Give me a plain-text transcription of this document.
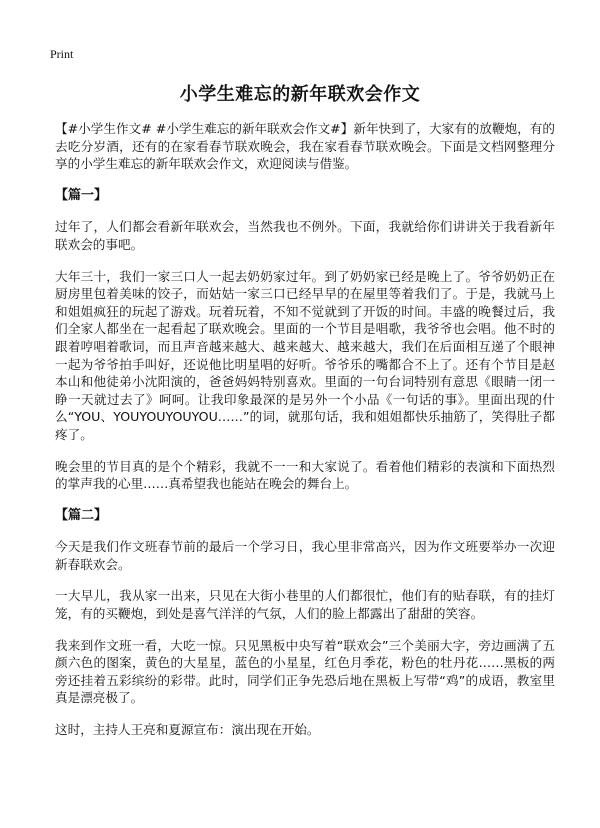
Print
小学生难忘的新年联欢会作文

【#小学生作文# #小学生难忘的新年联欢会作文#】新年快到了，大家有的放鞭炮，有的去吃分岁酒，还有的在家看春节联欢晚会，我在家看春节联欢晚会。下面是文档网整理分享的小学生难忘的新年联欢会作文，欢迎阅读与借鉴。

【篇一】

过年了，人们都会看新年联欢会，当然我也不例外。下面，我就给你们讲讲关于我看新年联欢会的事吧。

大年三十，我们一家三口人一起去奶奶家过年。到了奶奶家已经是晚上了。爷爷奶奶正在厨房里包着美味的饺子，而姑姑一家三口已经早早的在屋里等着我们了。于是，我就马上和姐姐疯狂的玩起了游戏。玩着玩着，不知不觉就到了开饭的时间。丰盛的晚餐过后，我们全家人都坐在一起看起了联欢晚会。里面的一个节目是唱歌，我爷爷也会唱。他不时的跟着哼唱着歌词，而且声音越来越大、越来越大、越来越大，我们在后面相互递了个眼神一起为爷爷拍手叫好，还说他比明星唱的好听。爷爷乐的嘴都合不上了。还有个节目是赵本山和他徒弟小沈阳演的，爸爸妈妈特别喜欢。里面的一句台词特别有意思《眼睛一闭一睁一天就过去了》呵呵。让我印象最深的是另外一个小品《一句话的事》。里面出现的什么“YOU、YOUYOUYOUYOU……”的词，就那句话，我和姐姐都快乐抽筋了，笑得肚子都疼了。

晚会里的节目真的是个个精彩，我就不一一和大家说了。看着他们精彩的表演和下面热烈的掌声我的心里……真希望我也能站在晚会的舞台上。

【篇二】

今天是我们作文班春节前的最后一个学习日，我心里非常高兴，因为作文班要举办一次迎新春联欢会。

一大早儿，我从家一出来，只见在大街小巷里的人们都很忙，他们有的贴春联，有的挂灯笼，有的买鞭炮，到处是喜气洋洋的气氛，人们的脸上都露出了甜甜的笑容。

我来到作文班一看，大吃一惊。只见黑板中央写着“联欢会”三个美丽大字，旁边画满了五颜六色的图案，黄色的大星星，蓝色的小星星，红色月季花，粉色的牡丹花……黑板的两旁还挂着五彩缤纷的彩带。此时，同学们正争先恐后地在黑板上写带“鸡”的成语，教室里真是漂亮极了。

这时，主持人王亮和夏源宣布：演出现在开始。
